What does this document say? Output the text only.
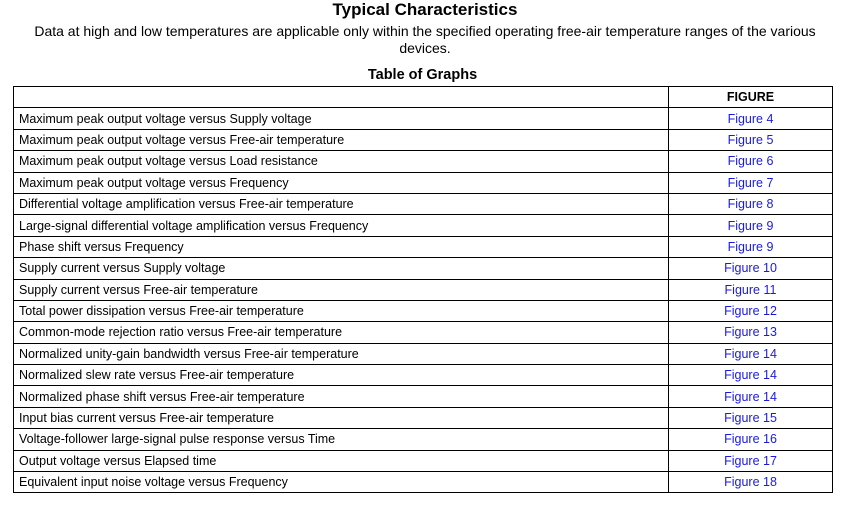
Typical Characteristics
Data at high and low temperatures are applicable only within the specified operating free-air temperature ranges of the various devices.
Table of Graphs
	FIGURE
Maximum peak output voltage versus Supply voltage	Figure 4
Maximum peak output voltage versus Free-air temperature	Figure 5
Maximum peak output voltage versus Load resistance	Figure 6
Maximum peak output voltage versus Frequency	Figure 7
Differential voltage amplification versus Free-air temperature	Figure 8
Large-signal differential voltage amplification versus Frequency	Figure 9
Phase shift versus Frequency	Figure 9
Supply current versus Supply voltage	Figure 10
Supply current versus Free-air temperature	Figure 11
Total power dissipation versus Free-air temperature	Figure 12
Common-mode rejection ratio versus Free-air temperature	Figure 13
Normalized unity-gain bandwidth versus Free-air temperature	Figure 14
Normalized slew rate versus Free-air temperature	Figure 14
Normalized phase shift versus Free-air temperature	Figure 14
Input bias current versus Free-air temperature	Figure 15
Voltage-follower large-signal pulse response versus Time	Figure 16
Output voltage versus Elapsed time	Figure 17
Equivalent input noise voltage versus Frequency	Figure 18
